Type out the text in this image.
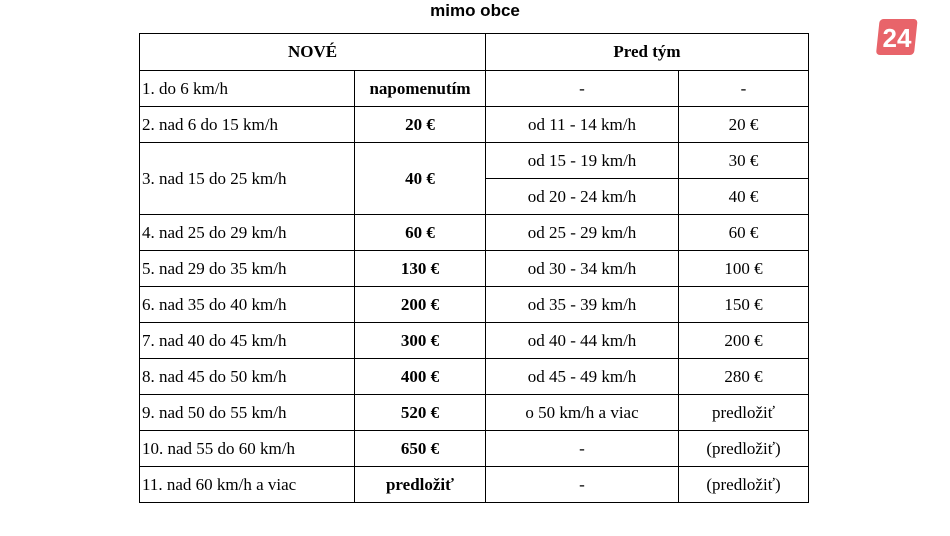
mimo obce
24
NOVÉ		Pred tým	
1. do 6 km/h	napomenutím	-	-
2. nad 6 do 15 km/h	20 €	od 11 - 14 km/h	20 €
3. nad 15 do 25 km/h	40 €	od 15 - 19 km/h	30 €
		od 20 - 24 km/h	40 €
4. nad 25 do 29 km/h	60 €	od 25 - 29 km/h	60 €
5. nad 29 do 35 km/h	130 €	od 30 - 34 km/h	100 €
6. nad 35 do 40 km/h	200 €	od 35 - 39 km/h	150 €
7. nad 40 do 45 km/h	300 €	od 40 - 44 km/h	200 €
8. nad 45 do 50 km/h	400 €	od 45 - 49 km/h	280 €
9. nad 50 do 55 km/h	520 €	o 50 km/h a viac	predložiť
10. nad 55 do 60 km/h	650 €	-	(predložiť)
11. nad 60 km/h a viac	predložiť	-	(predložiť)
